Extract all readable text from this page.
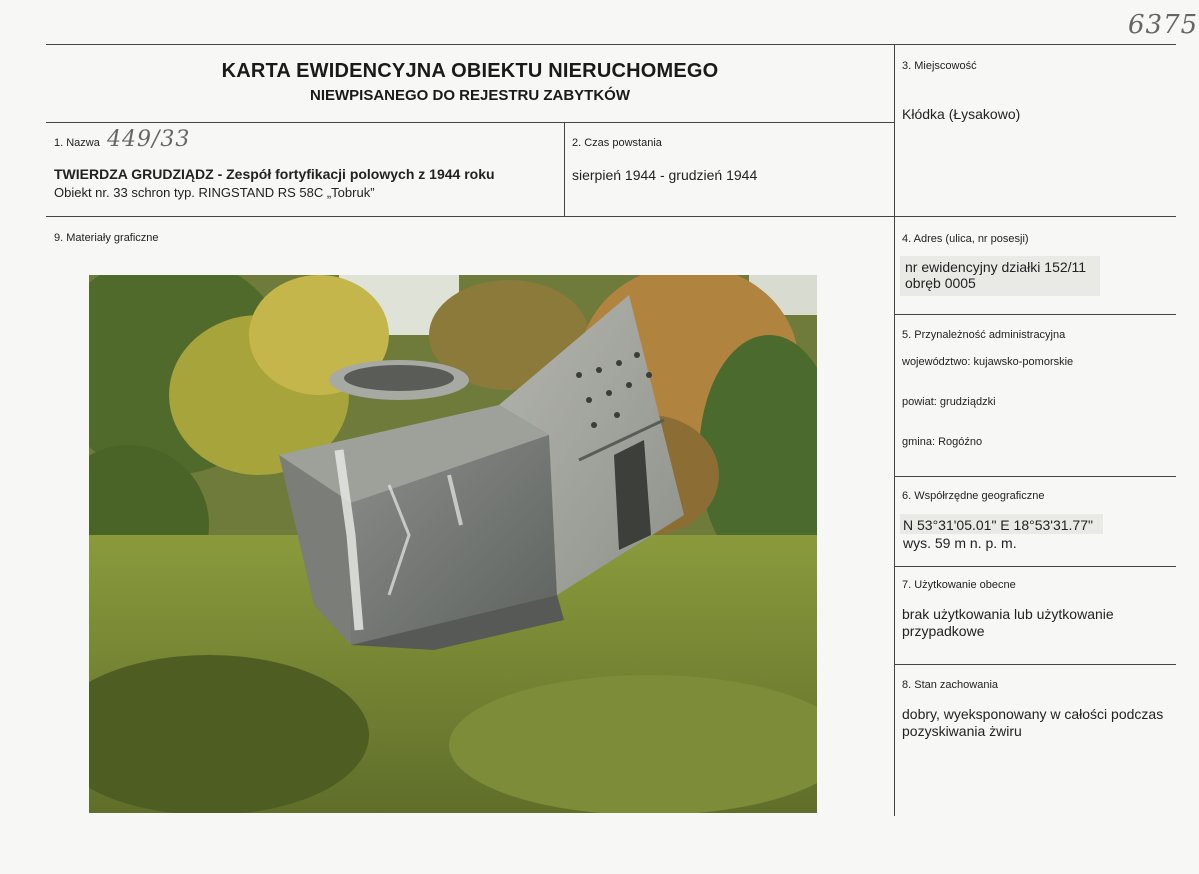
6375
KARTA EWIDENCYJNA OBIEKTU NIERUCHOMEGO
NIEWPISANEGO DO REJESTRU ZABYTKÓW
1. Nazwa 449/33
TWIERDZA GRUDZIĄDZ - Zespół fortyfikacji polowych z 1944 roku
Obiekt nr. 33 schron typ. RINGSTAND RS 58C „Tobruk”
2. Czas powstania
sierpień 1944 - grudzień 1944
3. Miejscowość
Kłódka (Łysakowo)
9. Materiały graficzne	4. Adres (ulica, nr posesji)
nr ewidencyjny działki 152/11
obręb 0005
5. Przynależność administracyjna
województwo: kujawsko-pomorskie
powiat: grudziądzki
gmina: Rogóźno
6. Współrzędne geograficzne
N 53°31'05.01" E 18°53'31.77"
wys. 59 m n. p. m.
7. Użytkowanie obecne
brak użytkowania lub użytkowanie
przypadkowe
8. Stan zachowania
dobry, wyeksponowany w całości podczas
pozyskiwania żwiru
